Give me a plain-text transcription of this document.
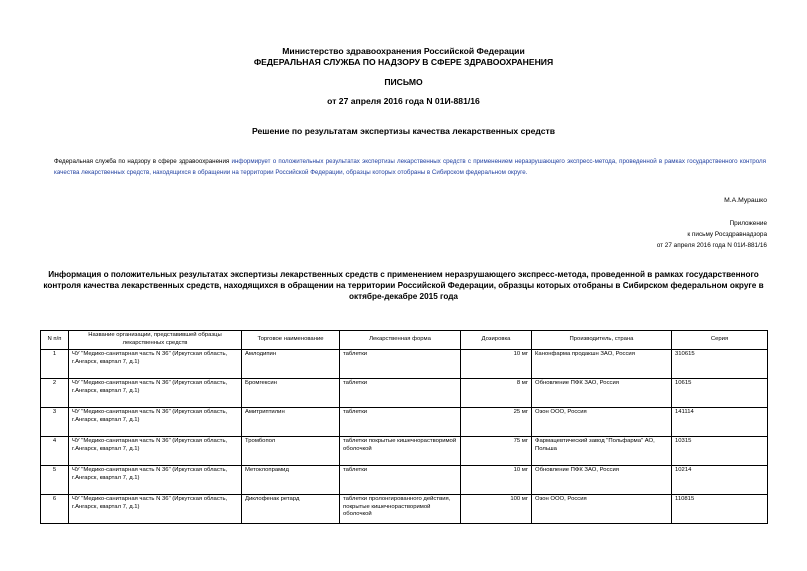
Министерство здравоохранения Российской Федерации
ФЕДЕРАЛЬНАЯ СЛУЖБА ПО НАДЗОРУ В СФЕРЕ ЗДРАВООХРАНЕНИЯ
ПИСЬМО
от 27 апреля 2016 года N 01И-881/16
Решение по результатам экспертизы качества лекарственных средств
Федеральная служба по надзору в сфере здравоохранения информирует о положительных результатах экспертизы лекарственных средств с применением неразрушающего экспресс-метода, проведенной в рамках государственного контроля качества лекарственных средств, находящихся в обращении на территории Российской Федерации, образцы которых отобраны в Сибирском федеральном округе.
М.А.Мурашко
Приложение
к письму Росздравнадзора
от 27 апреля 2016 года N 01И-881/16
Информация о положительных результатах экспертизы лекарственных средств с применением неразрушающего экспресс-метода, проведенной в рамках государственного контроля качества лекарственных средств, находящихся в обращении на территории Российской Федерации, образцы которых отобраны в Сибирском федеральном округе в октябре-декабре 2015 года
N п/п	Название организации, представившей образцы лекарственных средств	Торговое наименование	Лекарственная форма	Дозировка	Производитель, страна	Серия
1	ЧУ "Медико-санитарная часть N 36" (Иркутская область, г.Ангарск, квартал 7, д.1)	Амлодипин	таблетки	10 мг	Канонфарма продакшн ЗАО, Россия	310615
2	ЧУ "Медико-санитарная часть N 36" (Иркутская область, г.Ангарск, квартал 7, д.1)	Бромгексин	таблетки	8 мг	Обновление ПФК ЗАО, Россия	10615
3	ЧУ "Медико-санитарная часть N 36" (Иркутская область, г.Ангарск, квартал 7, д.1)	Амитриптилин	таблетки	25 мг	Озон ООО, Россия	141114
4	ЧУ "Медико-санитарная часть N 36" (Иркутская область, г.Ангарск, квартал 7, д.1)	Тромбопол	таблетки покрытые кишечнорастворимой оболочкой	75 мг	Фармацевтический завод "Польфарма" АО, Польша	10315
5	ЧУ "Медико-санитарная часть N 36" (Иркутская область, г.Ангарск, квартал 7, д.1)	Метоклопрамид	таблетки	10 мг	Обновление ПФК ЗАО, Россия	10214
6	ЧУ "Медико-санитарная часть N 36" (Иркутская область, г.Ангарск, квартал 7, д.1)	Диклофенак ретард	таблетки пролонгированного действия, покрытые кишечнорастворимой оболочкой	100 мг	Озон ООО, Россия	110815
